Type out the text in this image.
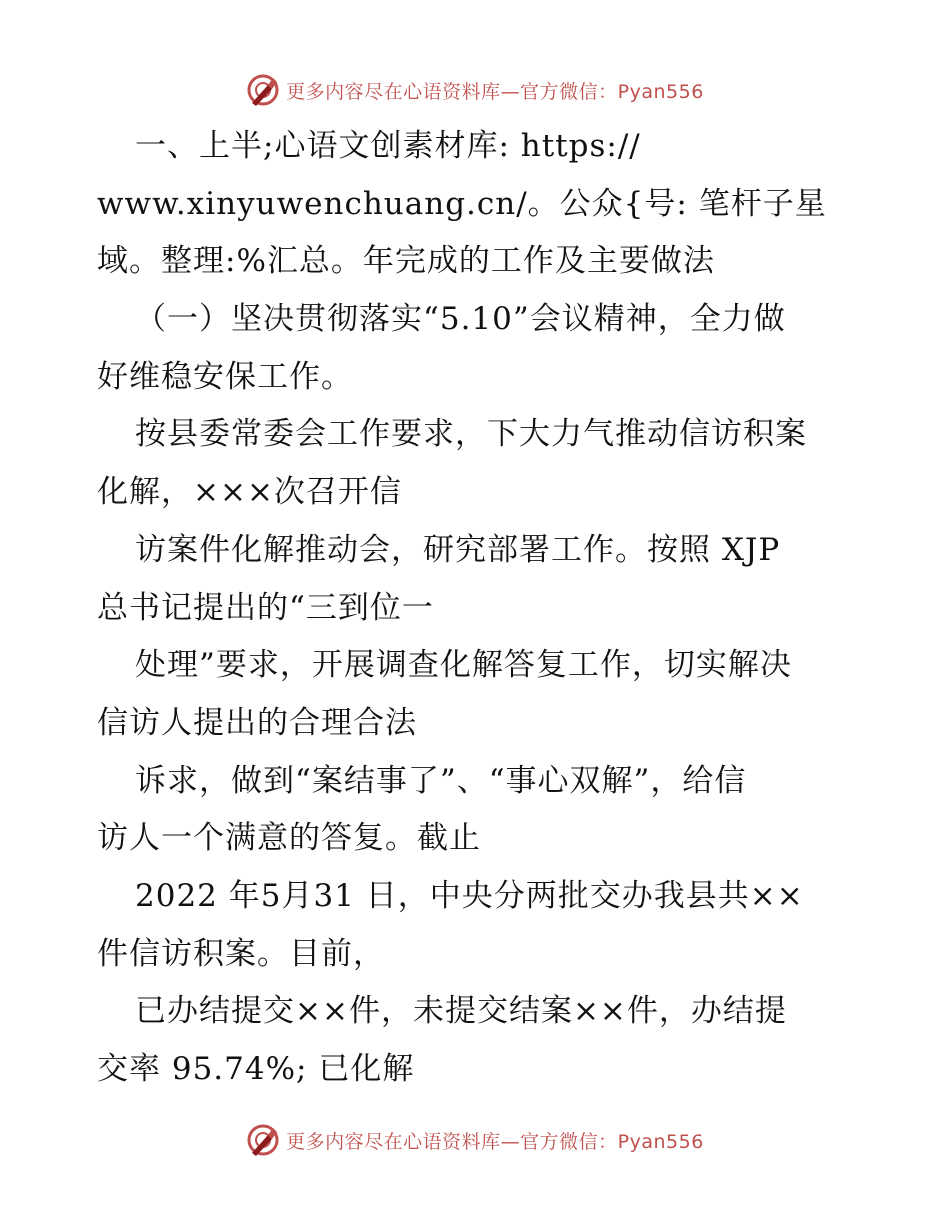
更多内容尽在心语资料库—官方微信：Pyan556
一、上半;心语文创素材库: https://
www.xinyuwenchuang.cn/。公众{号: 笔杆子星
域。整理:%汇总。年完成的工作及主要做法
（一）坚决贯彻落实“5.10”会议精神，全力做
好维稳安保工作。
按县委常委会工作要求，下大力气推动信访积案
化解，×××次召开信
访案件化解推动会，研究部署工作。按照 XJP
总书记提出的“三到位一
处理”要求，开展调查化解答复工作，切实解决
信访人提出的合理合法
诉求，做到“案结事了”、“事心双解”，给信
访人一个满意的答复。截止
2022 年5月31 日，中央分两批交办我县共××
件信访积案。目前，
已办结提交××件，未提交结案××件，办结提
交率 95.74%; 已化解
更多内容尽在心语资料库—官方微信：Pyan556
